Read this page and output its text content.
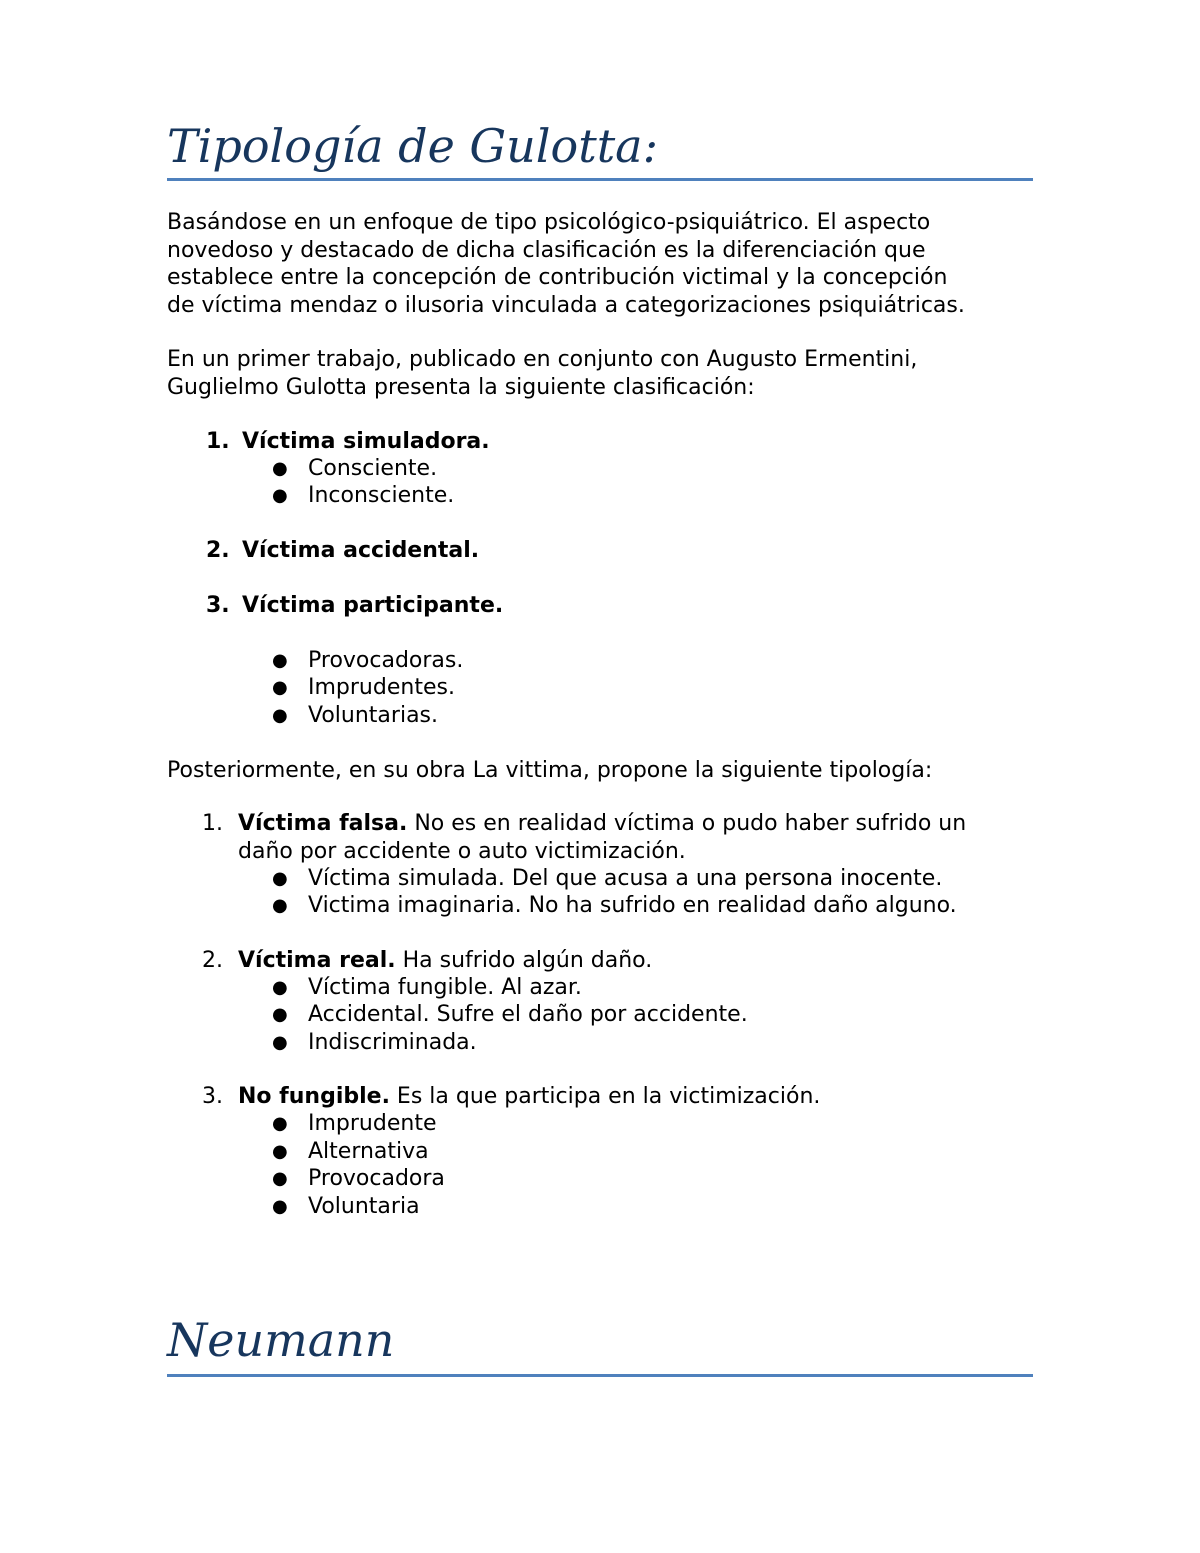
Tipología de Gulotta:
Basándose en un enfoque de tipo psicológico-psiquiátrico. El aspecto
novedoso y destacado de dicha clasificación es la diferenciación que
establece entre la concepción de contribución victimal y la concepción
de víctima mendaz o ilusoria vinculada a categorizaciones psiquiátricas.
En un primer trabajo, publicado en conjunto con Augusto Ermentini,
Guglielmo Gulotta presenta la siguiente clasificación:
1. Víctima simuladora.
● Consciente.
● Inconsciente.
2. Víctima accidental.
3. Víctima participante.
● Provocadoras.
● Imprudentes.
● Voluntarias.
Posteriormente, en su obra La vittima, propone la siguiente tipología:
1. Víctima falsa. No es en realidad víctima o pudo haber sufrido un
daño por accidente o auto victimización.
● Víctima simulada. Del que acusa a una persona inocente.
● Victima imaginaria. No ha sufrido en realidad daño alguno.
2. Víctima real. Ha sufrido algún daño.
● Víctima fungible. Al azar.
● Accidental. Sufre el daño por accidente.
● Indiscriminada.
3. No fungible. Es la que participa en la victimización.
● Imprudente
● Alternativa
● Provocadora
● Voluntaria
Neumann
